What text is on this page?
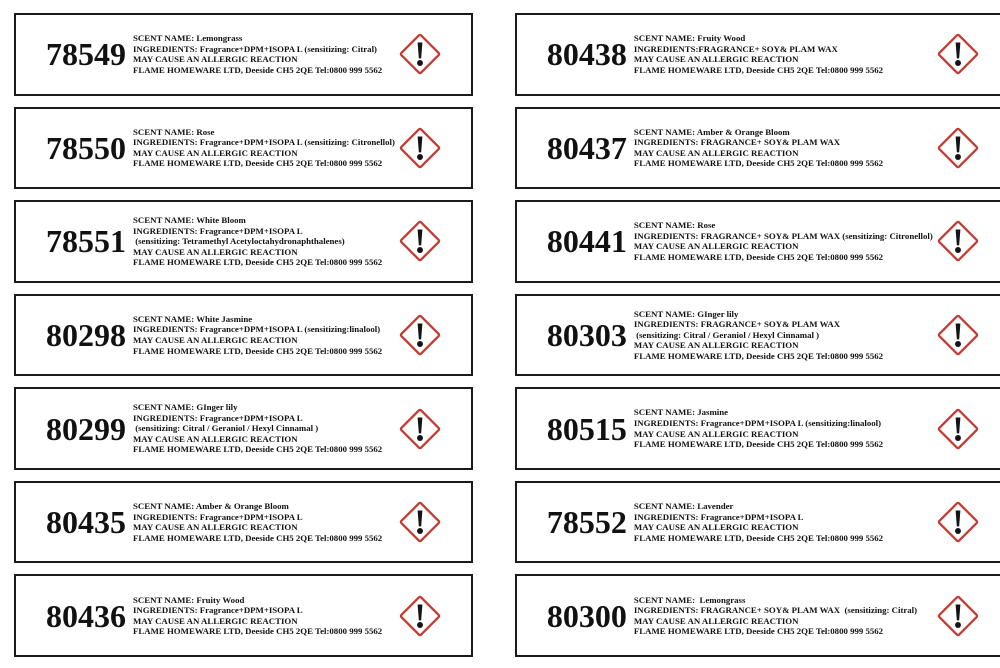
78549 SCENT NAME: Lemongrass
INGREDIENTS: Fragrance+DPM+ISOPA L (sensitizing: Citral)
MAY CAUSE AN ALLERGIC REACTION
FLAME HOMEWARE LTD, Deeside CH5 2QE Tel:0800 999 5562
78550 SCENT NAME: Rose
INGREDIENTS: Fragrance+DPM+ISOPA L (sensitizing: Citronellol)
MAY CAUSE AN ALLERGIC REACTION
FLAME HOMEWARE LTD, Deeside CH5 2QE Tel:0800 999 5562
78551
SCENT NAME: White Bloom
INGREDIENTS: Fragrance+DPM+ISOPA L
(sensitizing: Tetramethyl Acetyloctahydronaphthalenes)
MAY CAUSE AN ALLERGIC REACTION
FLAME HOMEWARE LTD, Deeside CH5 2QE Tel:0800 999 5562
80298 SCENT NAME: White Jasmine
INGREDIENTS: Fragrance+DPM+ISOPA L (sensitizing:linalool)
MAY CAUSE AN ALLERGIC REACTION
FLAME HOMEWARE LTD, Deeside CH5 2QE Tel:0800 999 5562
80299
SCENT NAME: GInger lily
INGREDIENTS: Fragrance+DPM+ISOPA L
(sensitizing: Citral / Geraniol / Hexyl Cinnamal )
MAY CAUSE AN ALLERGIC REACTION
FLAME HOMEWARE LTD, Deeside CH5 2QE Tel:0800 999 5562
80435 SCENT NAME: Amber & Orange Bloom
INGREDIENTS: Fragrance+DPM+ISOPA L
MAY CAUSE AN ALLERGIC REACTION
FLAME HOMEWARE LTD, Deeside CH5 2QE Tel:0800 999 5562
80436 SCENT NAME: Fruity Wood
INGREDIENTS: Fragrance+DPM+ISOPA L
MAY CAUSE AN ALLERGIC REACTION
FLAME HOMEWARE LTD, Deeside CH5 2QE Tel:0800 999 5562
80438 SCENT NAME: Fruity Wood
INGREDIENTS:FRAGRANCE+ SOY& PLAM WAX
MAY CAUSE AN ALLERGIC REACTION
FLAME HOMEWARE LTD, Deeside CH5 2QE Tel:0800 999 5562
80437 SCENT NAME: Amber & Orange Bloom
INGREDIENTS: FRAGRANCE+ SOY& PLAM WAX
MAY CAUSE AN ALLERGIC REACTION
FLAME HOMEWARE LTD, Deeside CH5 2QE Tel:0800 999 5562
80441 SCENT NAME: Rose
INGREDIENTS: FRAGRANCE+ SOY& PLAM WAX (sensitizing: Citronellol)
MAY CAUSE AN ALLERGIC REACTION
FLAME HOMEWARE LTD, Deeside CH5 2QE Tel:0800 999 5562
80303
SCENT NAME: GInger lily
INGREDIENTS: FRAGRANCE+ SOY& PLAM WAX
(sensitizing: Citral / Geraniol / Hexyl Cinnamal )
MAY CAUSE AN ALLERGIC REACTION
FLAME HOMEWARE LTD, Deeside CH5 2QE Tel:0800 999 5562
80515 SCENT NAME: Jasmine
INGREDIENTS: Fragrance+DPM+ISOPA L (sensitizing:linalool)
MAY CAUSE AN ALLERGIC REACTION
FLAME HOMEWARE LTD, Deeside CH5 2QE Tel:0800 999 5562
78552 SCENT NAME: Lavender
INGREDIENTS: Fragrance+DPM+ISOPA L
MAY CAUSE AN ALLERGIC REACTION
FLAME HOMEWARE LTD, Deeside CH5 2QE Tel:0800 999 5562
80300 SCENT NAME:  Lemongrass
INGREDIENTS: FRAGRANCE+ SOY& PLAM WAX  (sensitizing: Citral)
MAY CAUSE AN ALLERGIC REACTION
FLAME HOMEWARE LTD, Deeside CH5 2QE Tel:0800 999 5562
